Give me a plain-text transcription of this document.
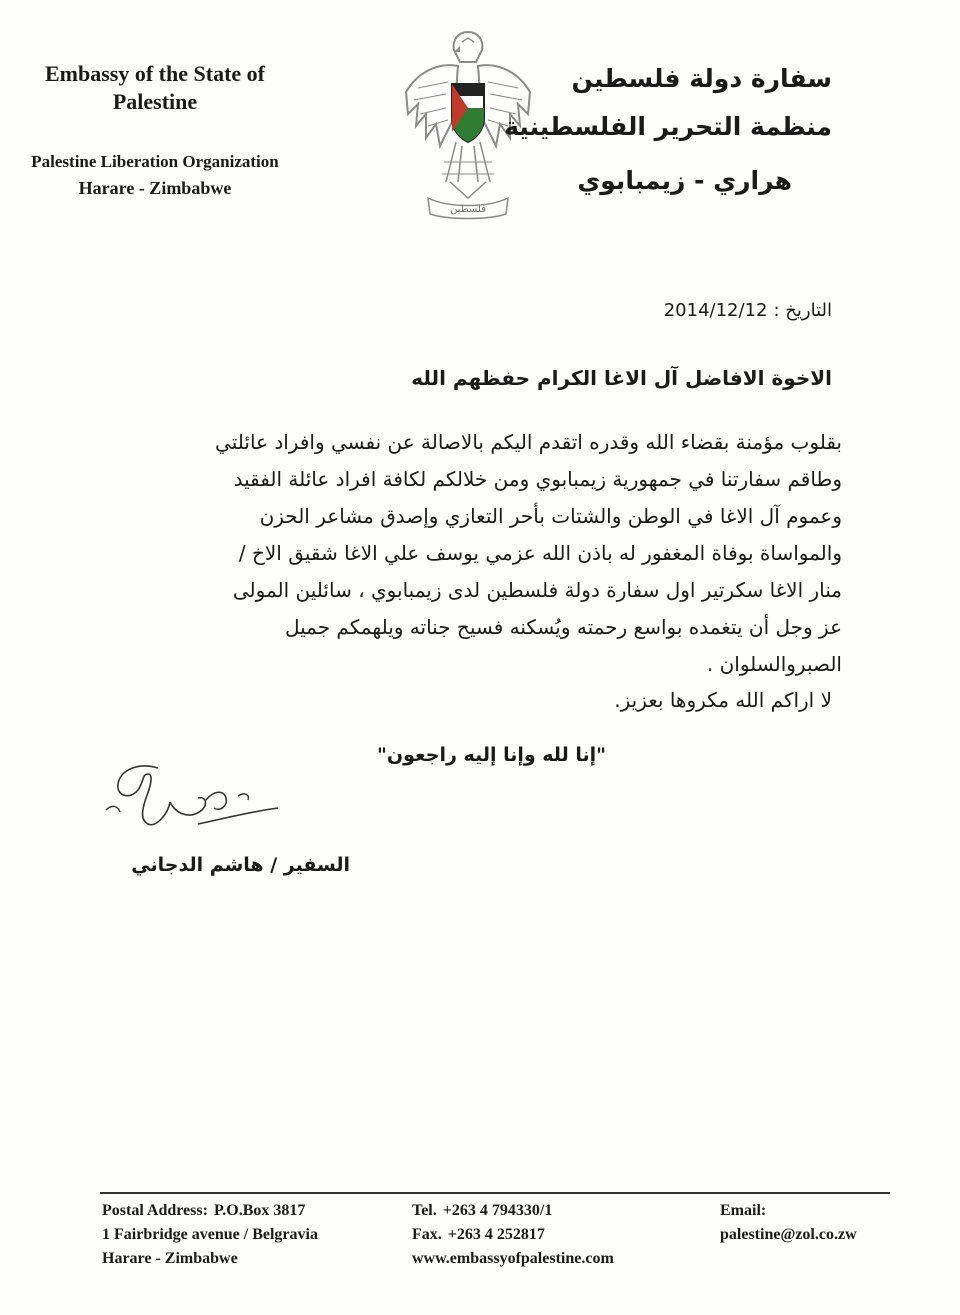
Embassy of the State of Palestine
Palestine Liberation Organization
Harare - Zimbabwe
فلسطين
سفارة دولة فلسطين
منظمة التحرير الفلسطينية
هراري - زيمبابوي
التاريخ :2014/12/12
الاخوة الافاضل آل الاغا الكرام حفظهم الله
بقلوب مؤمنة بقضاء الله وقدره اتقدم اليكم بالاصالة عن نفسي وافراد عائلتي
وطاقم سفارتنا في جمهورية زيمبابوي ومن خلالكم لكافة افراد عائلة الفقيد
وعموم آل الاغا في الوطن والشتات بأحر التعازي وإصدق مشاعر الحزن
والمواساة بوفاة المغفور له باذن الله عزمي يوسف علي الاغا شقيق الاخ /
منار الاغا سكرتير اول سفارة دولة فلسطين لدى زيمبابوي ، سائلين المولى
عز وجل أن يتغمده بواسع رحمته ويُسكنه فسيح جناته ويلهمكم جميل
الصبروالسلوان .
لا اراكم الله مكروها بعزيز.
"إنا لله وإنا إليه راجعون"
السفير / هاشم الدجاني
Postal Address: P.O.Box 3817
1 Fairbridge avenue / Belgravia
Harare - Zimbabwe
Tel. +263 4 794330/1
Fax. +263 4 252817
www.embassyofpalestine.com
Email:
palestine@zol.co.zw
